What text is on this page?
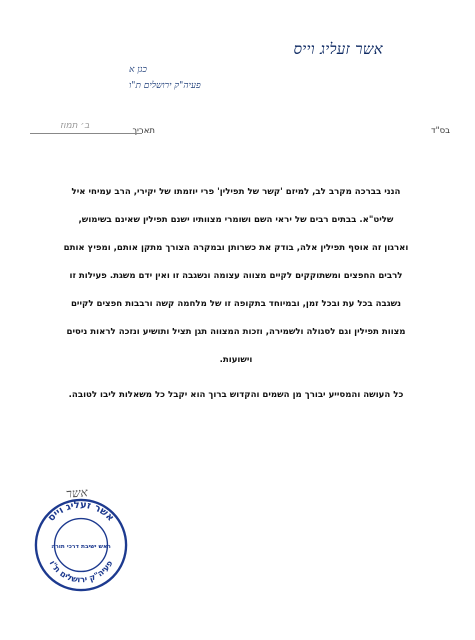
אשר זעליג וייס
כגן א
פעיה"ק ירושלים ת"ו
בס"ד
תאריך
ב׳ תמוז
הנני בברכה מקרב לב, למיזם 'קשר של תפילין' פרי יוזמתו של יקירי, הרב עמיחי איל
שליט"א. בבתים רבים של יראי השם ושומרי מצוותיו ישנם תפילין שאינם בשימוש,
וארגון זה אוסף תפילין אלה, בודק את כשרותן ובמקרה הצורך מתקן אותם, ומפיץ אותם
לרבים החפצים ומשתוקקים לקיים מצווה עצומה ונשגבה זו ואין ידם משגת. פעילות זו
נשגבה בכל עת ובכל זמן, ובמיוחד בתקופה זו של מלחמה קשה ורבבות חפצים לקיים
מצוות תפילין וגם לסגולה ולשמירה, וזכות המצווה תגן תציל ותושיע ונזכה לראות ניסים
וישועות.
כל העושה והמסייע יבורך מן השמים והקדוש ברוך הוא יקבל כל משאלות ליבו לטובה.
אשר
אשר זעליג וייס
פעיה"ק ירושלים ת"ו
ראש ישיבת דרכי תורה
